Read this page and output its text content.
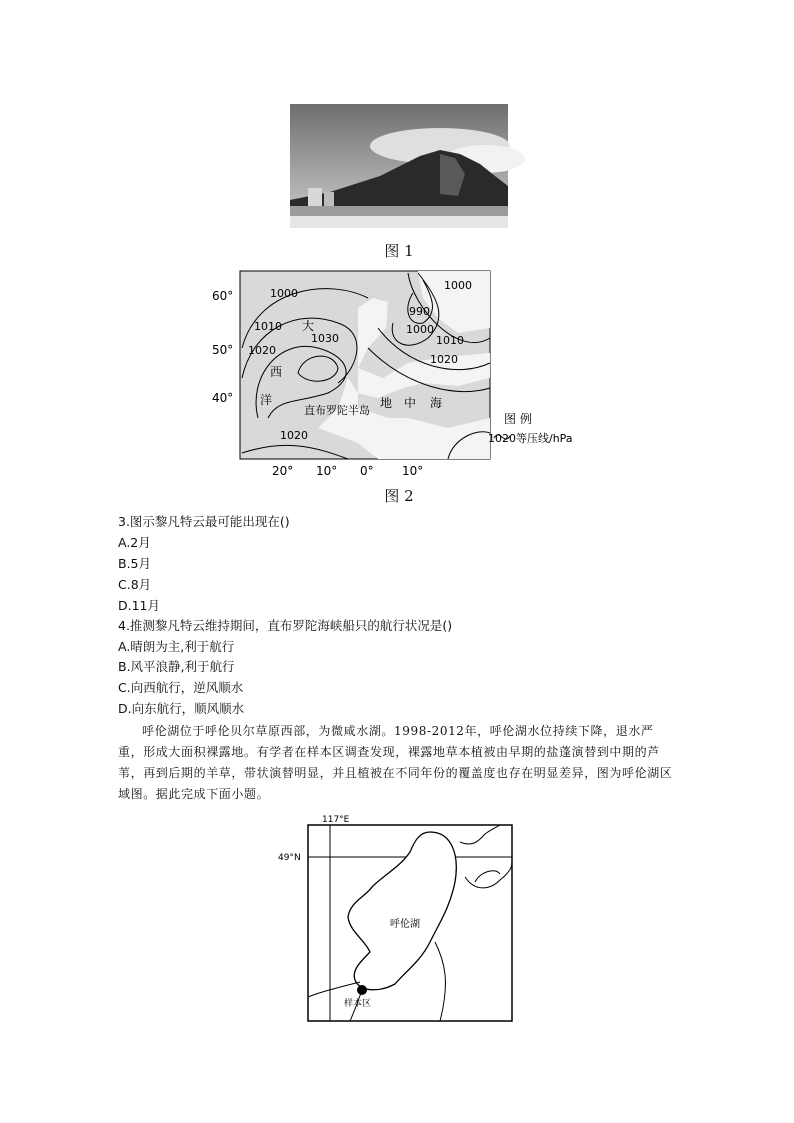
图 1
60°
50°
40°
20° 10° 0° 10°
1000
1000
990
1000
1010
1010
1020
1030
1020
1020
大
西
洋
直布罗陀半岛
地 中 海
图 例
1020等压线/hPa
图 2
3.图示黎凡特云最可能出现在()
A.2月
B.5月
C.8月
D.11月
4.推测黎凡特云维持期间，直布罗陀海峡船只的航行状况是()
A.晴朗为主,利于航行
B.风平浪静,利于航行
C.向西航行，逆风顺水
D.向东航行，顺风顺水
呼伦湖位于呼伦贝尔草原西部，为微咸水湖。1998-2012年，呼伦湖水位持续下降，退水严重，形成大面积裸露地。有学者在样本区调查发现，裸露地草本植被由早期的盐蓬演替到中期的芦苇，再到后期的羊草，带状演替明显，并且植被在不同年份的覆盖度也存在明显差异，图为呼伦湖区域图。据此完成下面小题。
117°E
49°N
呼伦湖
样本区
